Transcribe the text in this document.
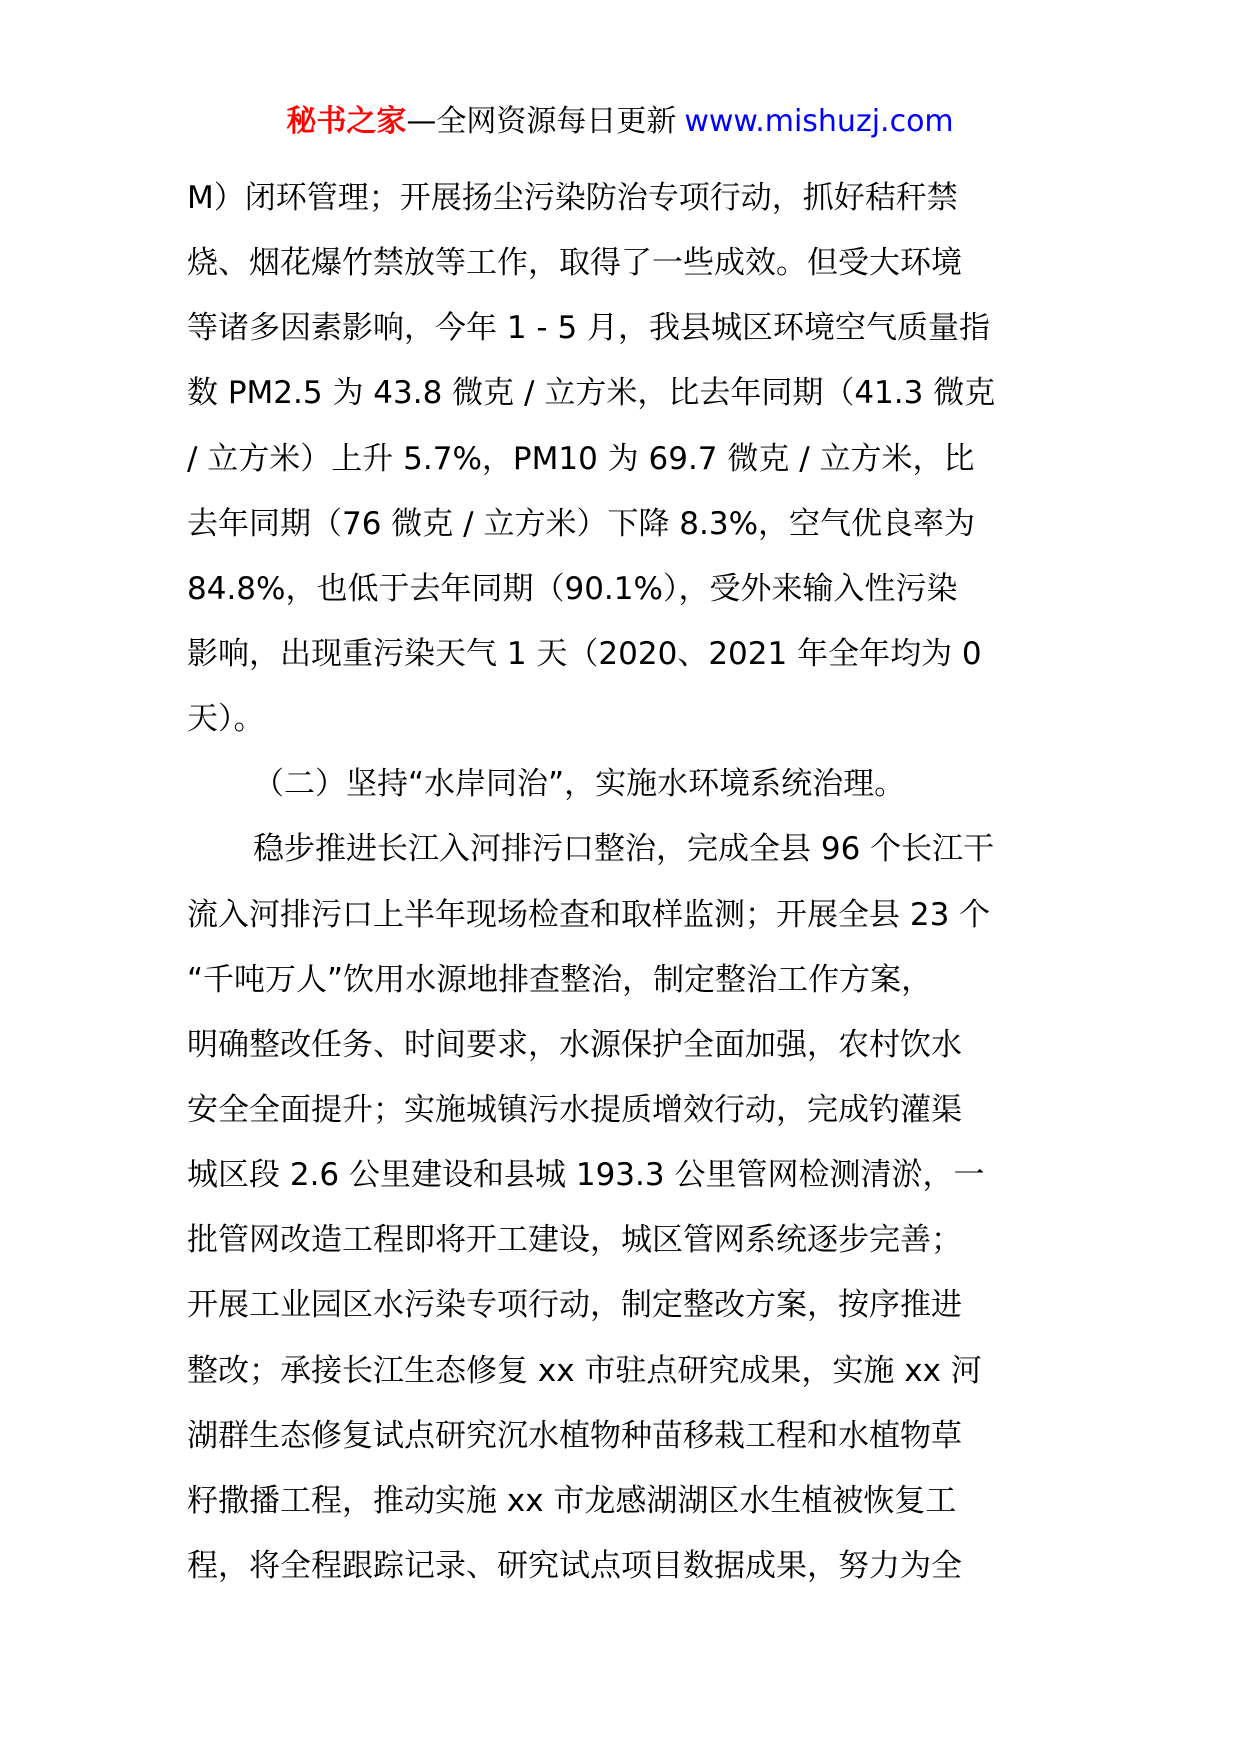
秘书之家—全网资源每日更新 www.mishuzj.com
M）闭环管理；开展扬尘污染防治专项行动，抓好秸秆禁
烧、烟花爆竹禁放等工作，取得了一些成效。但受大环境
等诸多因素影响，今年 1 - 5 月，我县城区环境空气质量指
数 PM2.5 为 43.8 微克 / 立方米，比去年同期（41.3 微克
/ 立方米）上升 5.7%，PM10 为 69.7 微克 / 立方米，比
去年同期（76 微克 / 立方米）下降 8.3%，空气优良率为
84.8%，也低于去年同期（90.1%），受外来输入性污染
影响，出现重污染天气 1 天（2020、2021 年全年均为 0
天）。
（二）坚持“水岸同治”，实施水环境系统治理。
稳步推进长江入河排污口整治，完成全县 96 个长江干
流入河排污口上半年现场检查和取样监测；开展全县 23 个
“千吨万人”饮用水源地排查整治，制定整治工作方案，
明确整改任务、时间要求，水源保护全面加强，农村饮水
安全全面提升；实施城镇污水提质增效行动，完成钓灌渠
城区段 2.6 公里建设和县城 193.3 公里管网检测清淤，一
批管网改造工程即将开工建设，城区管网系统逐步完善；
开展工业园区水污染专项行动，制定整改方案，按序推进
整改；承接长江生态修复 xx 市驻点研究成果，实施 xx 河
湖群生态修复试点研究沉水植物种苗移栽工程和水植物草
籽撒播工程，推动实施 xx 市龙感湖湖区水生植被恢复工
程，将全程跟踪记录、研究试点项目数据成果，努力为全
